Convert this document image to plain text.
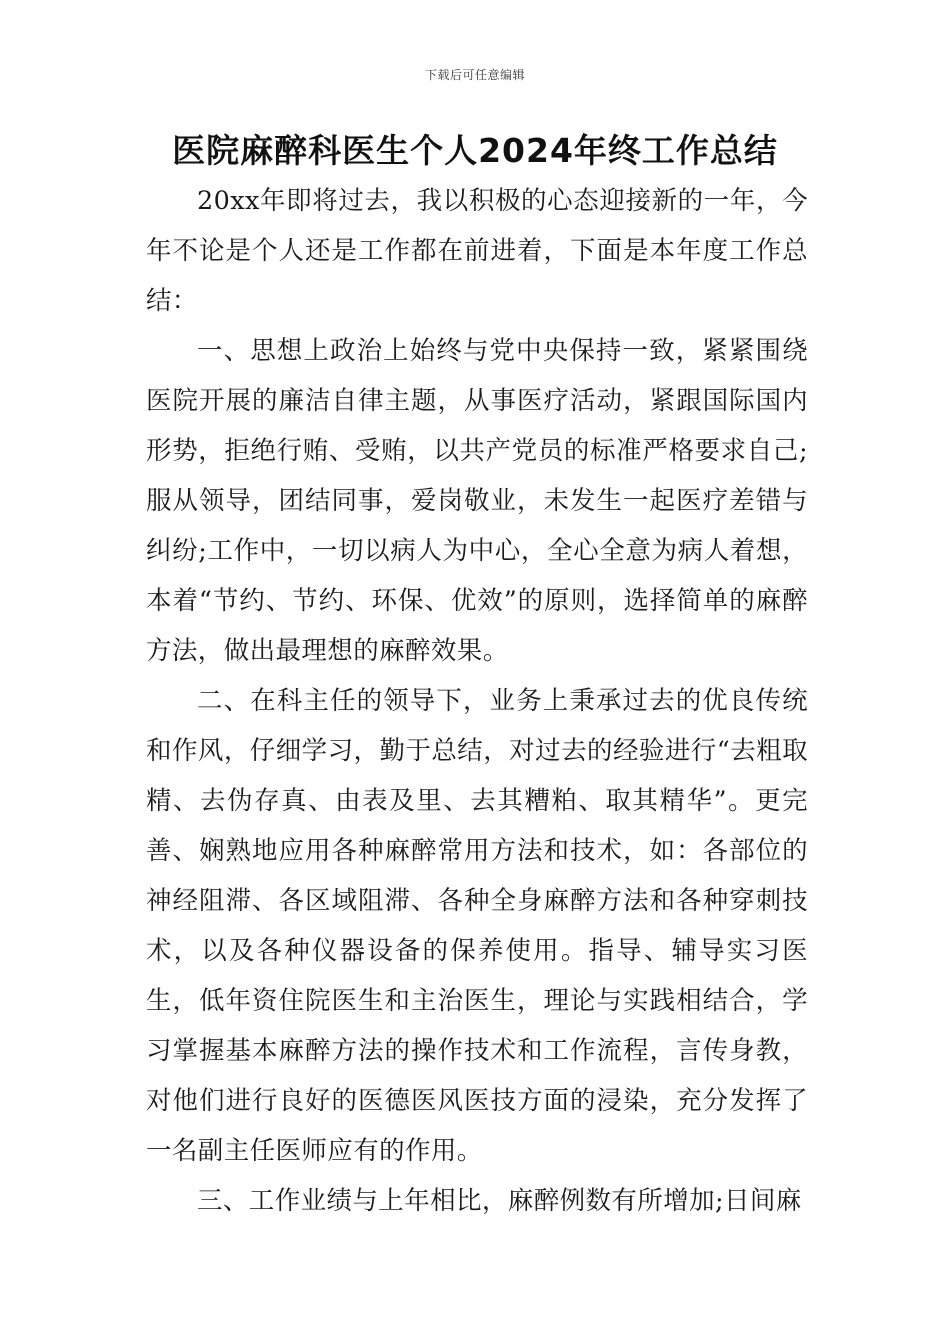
下载后可任意编辑
医院麻醉科医生个人2024年终工作总结

20xx年即将过去，我以积极的心态迎接新的一年，今年不论是个人还是工作都在前进着，下面是本年度工作总结：

一、思想上政治上始终与党中央保持一致，紧紧围绕医院开展的廉洁自律主题，从事医疗活动，紧跟国际国内形势，拒绝行贿、受贿，以共产党员的标准严格要求自己;服从领导，团结同事，爱岗敬业，未发生一起医疗差错与纠纷;工作中，一切以病人为中心，全心全意为病人着想，本着“节约、节约、环保、优效”的原则，选择简单的麻醉方法，做出最理想的麻醉效果。

二、在科主任的领导下，业务上秉承过去的优良传统和作风，仔细学习，勤于总结，对过去的经验进行“去粗取精、去伪存真、由表及里、去其糟粕、取其精华”。更完善、娴熟地应用各种麻醉常用方法和技术，如：各部位的神经阻滞、各区域阻滞、各种全身麻醉方法和各种穿刺技术，以及各种仪器设备的保养使用。指导、辅导实习医生，低年资住院医生和主治医生，理论与实践相结合，学习掌握基本麻醉方法的操作技术和工作流程，言传身教，对他们进行良好的医德医风医技方面的浸染，充分发挥了一名副主任医师应有的作用。

三、工作业绩与上年相比，麻醉例数有所增加;日间麻
